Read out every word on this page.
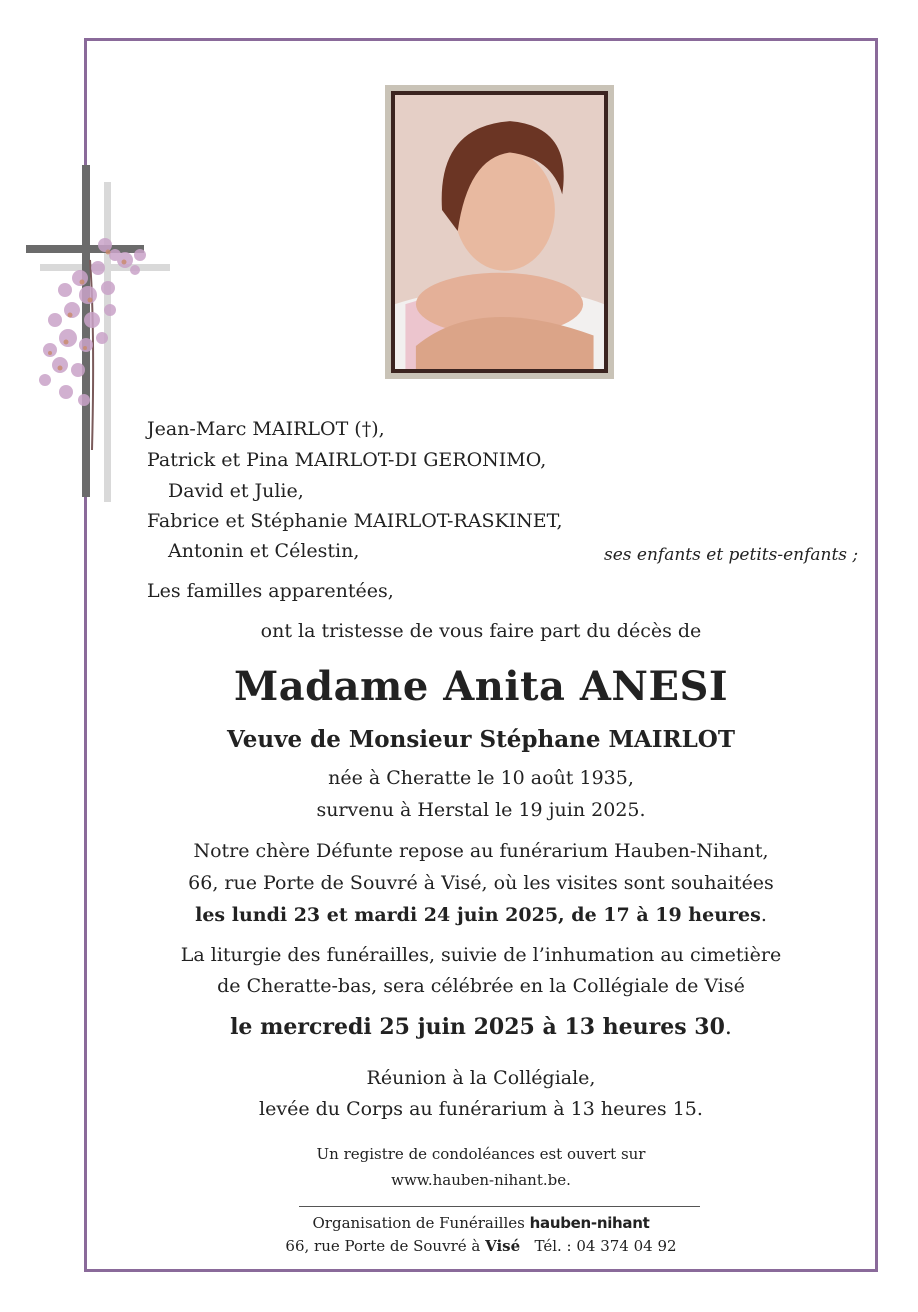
Jean-Marc MAIRLOT (†),
Patrick et Pina MAIRLOT-DI GERONIMO,
David et Julie,
Fabrice et Stéphanie MAIRLOT-RASKINET,
Antonin et Célestin,	ses enfants et petits-enfants ;
Les familles apparentées,
ont la tristesse de vous faire part du décès de
Madame Anita ANESI
Veuve de Monsieur Stéphane MAIRLOT
née à Cheratte le 10 août 1935,
survenu à Herstal le 19 juin 2025.
Notre chère Défunte repose au funérarium Hauben-Nihant,
66, rue Porte de Souvré à Visé, où les visites sont souhaitées
les lundi 23 et mardi 24 juin 2025, de 17 à 19 heures.
La liturgie des funérailles, suivie de l’inhumation au cimetière
de Cheratte-bas, sera célébrée en la Collégiale de Visé
le mercredi 25 juin 2025 à 13 heures 30.
Réunion à la Collégiale,
levée du Corps au funérarium à 13 heures 15.
Un registre de condoléances est ouvert sur
www.hauben-nihant.be.
Organisation de Funérailles hauben-nihant
66, rue Porte de Souvré à Visé Tél. : 04 374 04 92
